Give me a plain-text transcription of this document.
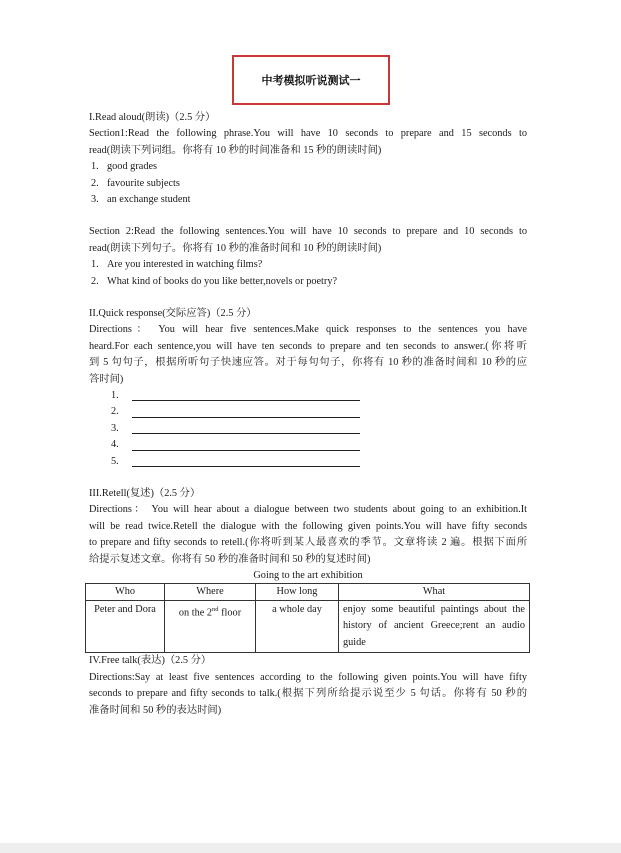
中考模拟听说测试一
I.Read aloud(朗读)（2.5 分）
Section1:Read the following phrase.You will have 10 seconds to prepare and 15 seconds to
read(朗读下列词组。你将有 10 秒的时间准备和 15 秒的朗读时间)
1. good grades
2. favourite subjects
3. an exchange student
Section 2:Read the following sentences.You will have 10 seconds to prepare and 10 seconds to
read(朗读下列句子。你将有 10 秒的准备时间和 10 秒的朗读时间)
1. Are you interested in watching films?
2. What kind of books do you like better,novels or poetry?
II.Quick response(交际应答)（2.5 分）
Directions： You will hear five sentences.Make quick responses to the sentences you have
heard.For each sentence,you will have ten seconds to prepare and ten seconds to answer.(你将听
到 5 句句子，根据所听句子快速应答。对于每句句子，你将有 10 秒的准备时间和 10 秒的应
答时间)
1.
2.
3.
4.
5.
III.Retell(复述)（2.5 分）
Directions： You will hear about a dialogue between two students about going to an exhibition.It
will be read twice.Retell the dialogue with the following given points.You will have fifty seconds
to prepare and fifty seconds to retell.(你将听到某人最喜欢的季节。文章将读 2 遍。根据下面所
给提示复述文章。你将有 50 秒的准备时间和 50 秒的复述时间)
Going to the art exhibition
Who	Where	How long	What
Peter and Dora	on the 2nd floor	a whole day	enjoy some beautiful paintings about the
history of ancient Greece;rent an audio
guide
IV.Free talk(表达)（2.5 分）
Directions:Say at least five sentences according to the following given points.You will have fifty
seconds to prepare and fifty seconds to talk.(根据下列所给提示说至少 5 句话。你将有 50 秒的
准备时间和 50 秒的表达时间)
